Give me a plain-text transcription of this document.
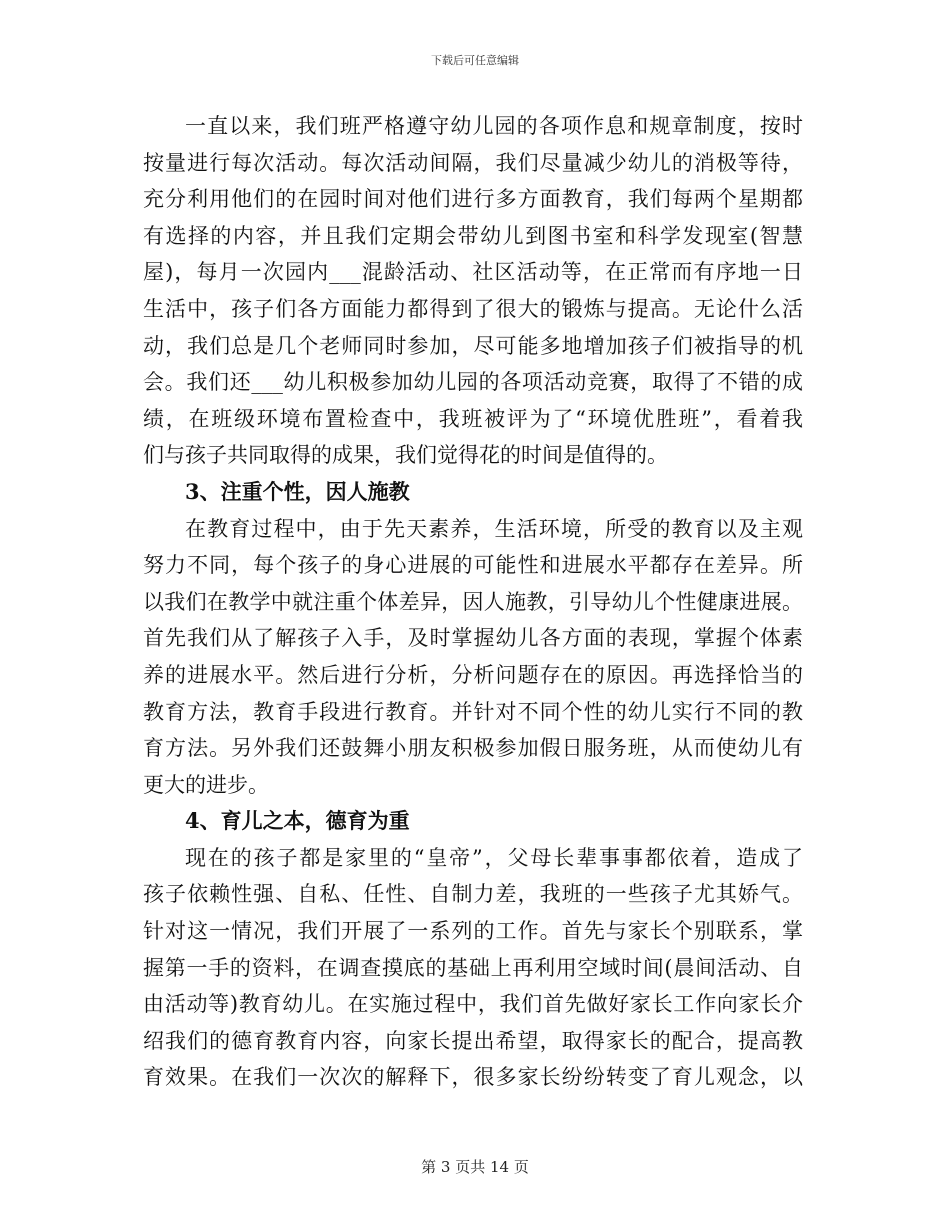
下载后可任意编辑
一直以来，我们班严格遵守幼儿园的各项作息和规章制度，按时
按量进行每次活动。每次活动间隔，我们尽量减少幼儿的消极等待，
充分利用他们的在园时间对他们进行多方面教育，我们每两个星期都
有选择的内容，并且我们定期会带幼儿到图书室和科学发现室(智慧
屋)，每月一次园内___混龄活动、社区活动等，在正常而有序地一日
生活中，孩子们各方面能力都得到了很大的锻炼与提高。无论什么活
动，我们总是几个老师同时参加，尽可能多地增加孩子们被指导的机
会。我们还___幼儿积极参加幼儿园的各项活动竞赛，取得了不错的成
绩，在班级环境布置检查中，我班被评为了“环境优胜班”，看着我
们与孩子共同取得的成果，我们觉得花的时间是值得的。
3、注重个性，因人施教
在教育过程中，由于先天素养，生活环境，所受的教育以及主观
努力不同，每个孩子的身心进展的可能性和进展水平都存在差异。所
以我们在教学中就注重个体差异，因人施教，引导幼儿个性健康进展。
首先我们从了解孩子入手，及时掌握幼儿各方面的表现，掌握个体素
养的进展水平。然后进行分析，分析问题存在的原因。再选择恰当的
教育方法，教育手段进行教育。并针对不同个性的幼儿实行不同的教
育方法。另外我们还鼓舞小朋友积极参加假日服务班，从而使幼儿有
更大的进步。
4、育儿之本，德育为重
现在的孩子都是家里的“皇帝”，父母长辈事事都依着，造成了
孩子依赖性强、自私、任性、自制力差，我班的一些孩子尤其娇气。
针对这一情况，我们开展了一系列的工作。首先与家长个别联系，掌
握第一手的资料，在调查摸底的基础上再利用空域时间(晨间活动、自
由活动等)教育幼儿。在实施过程中，我们首先做好家长工作向家长介
绍我们的德育教育内容，向家长提出希望，取得家长的配合，提高教
育效果。在我们一次次的解释下，很多家长纷纷转变了育儿观念，以
第 3 页共 14 页
